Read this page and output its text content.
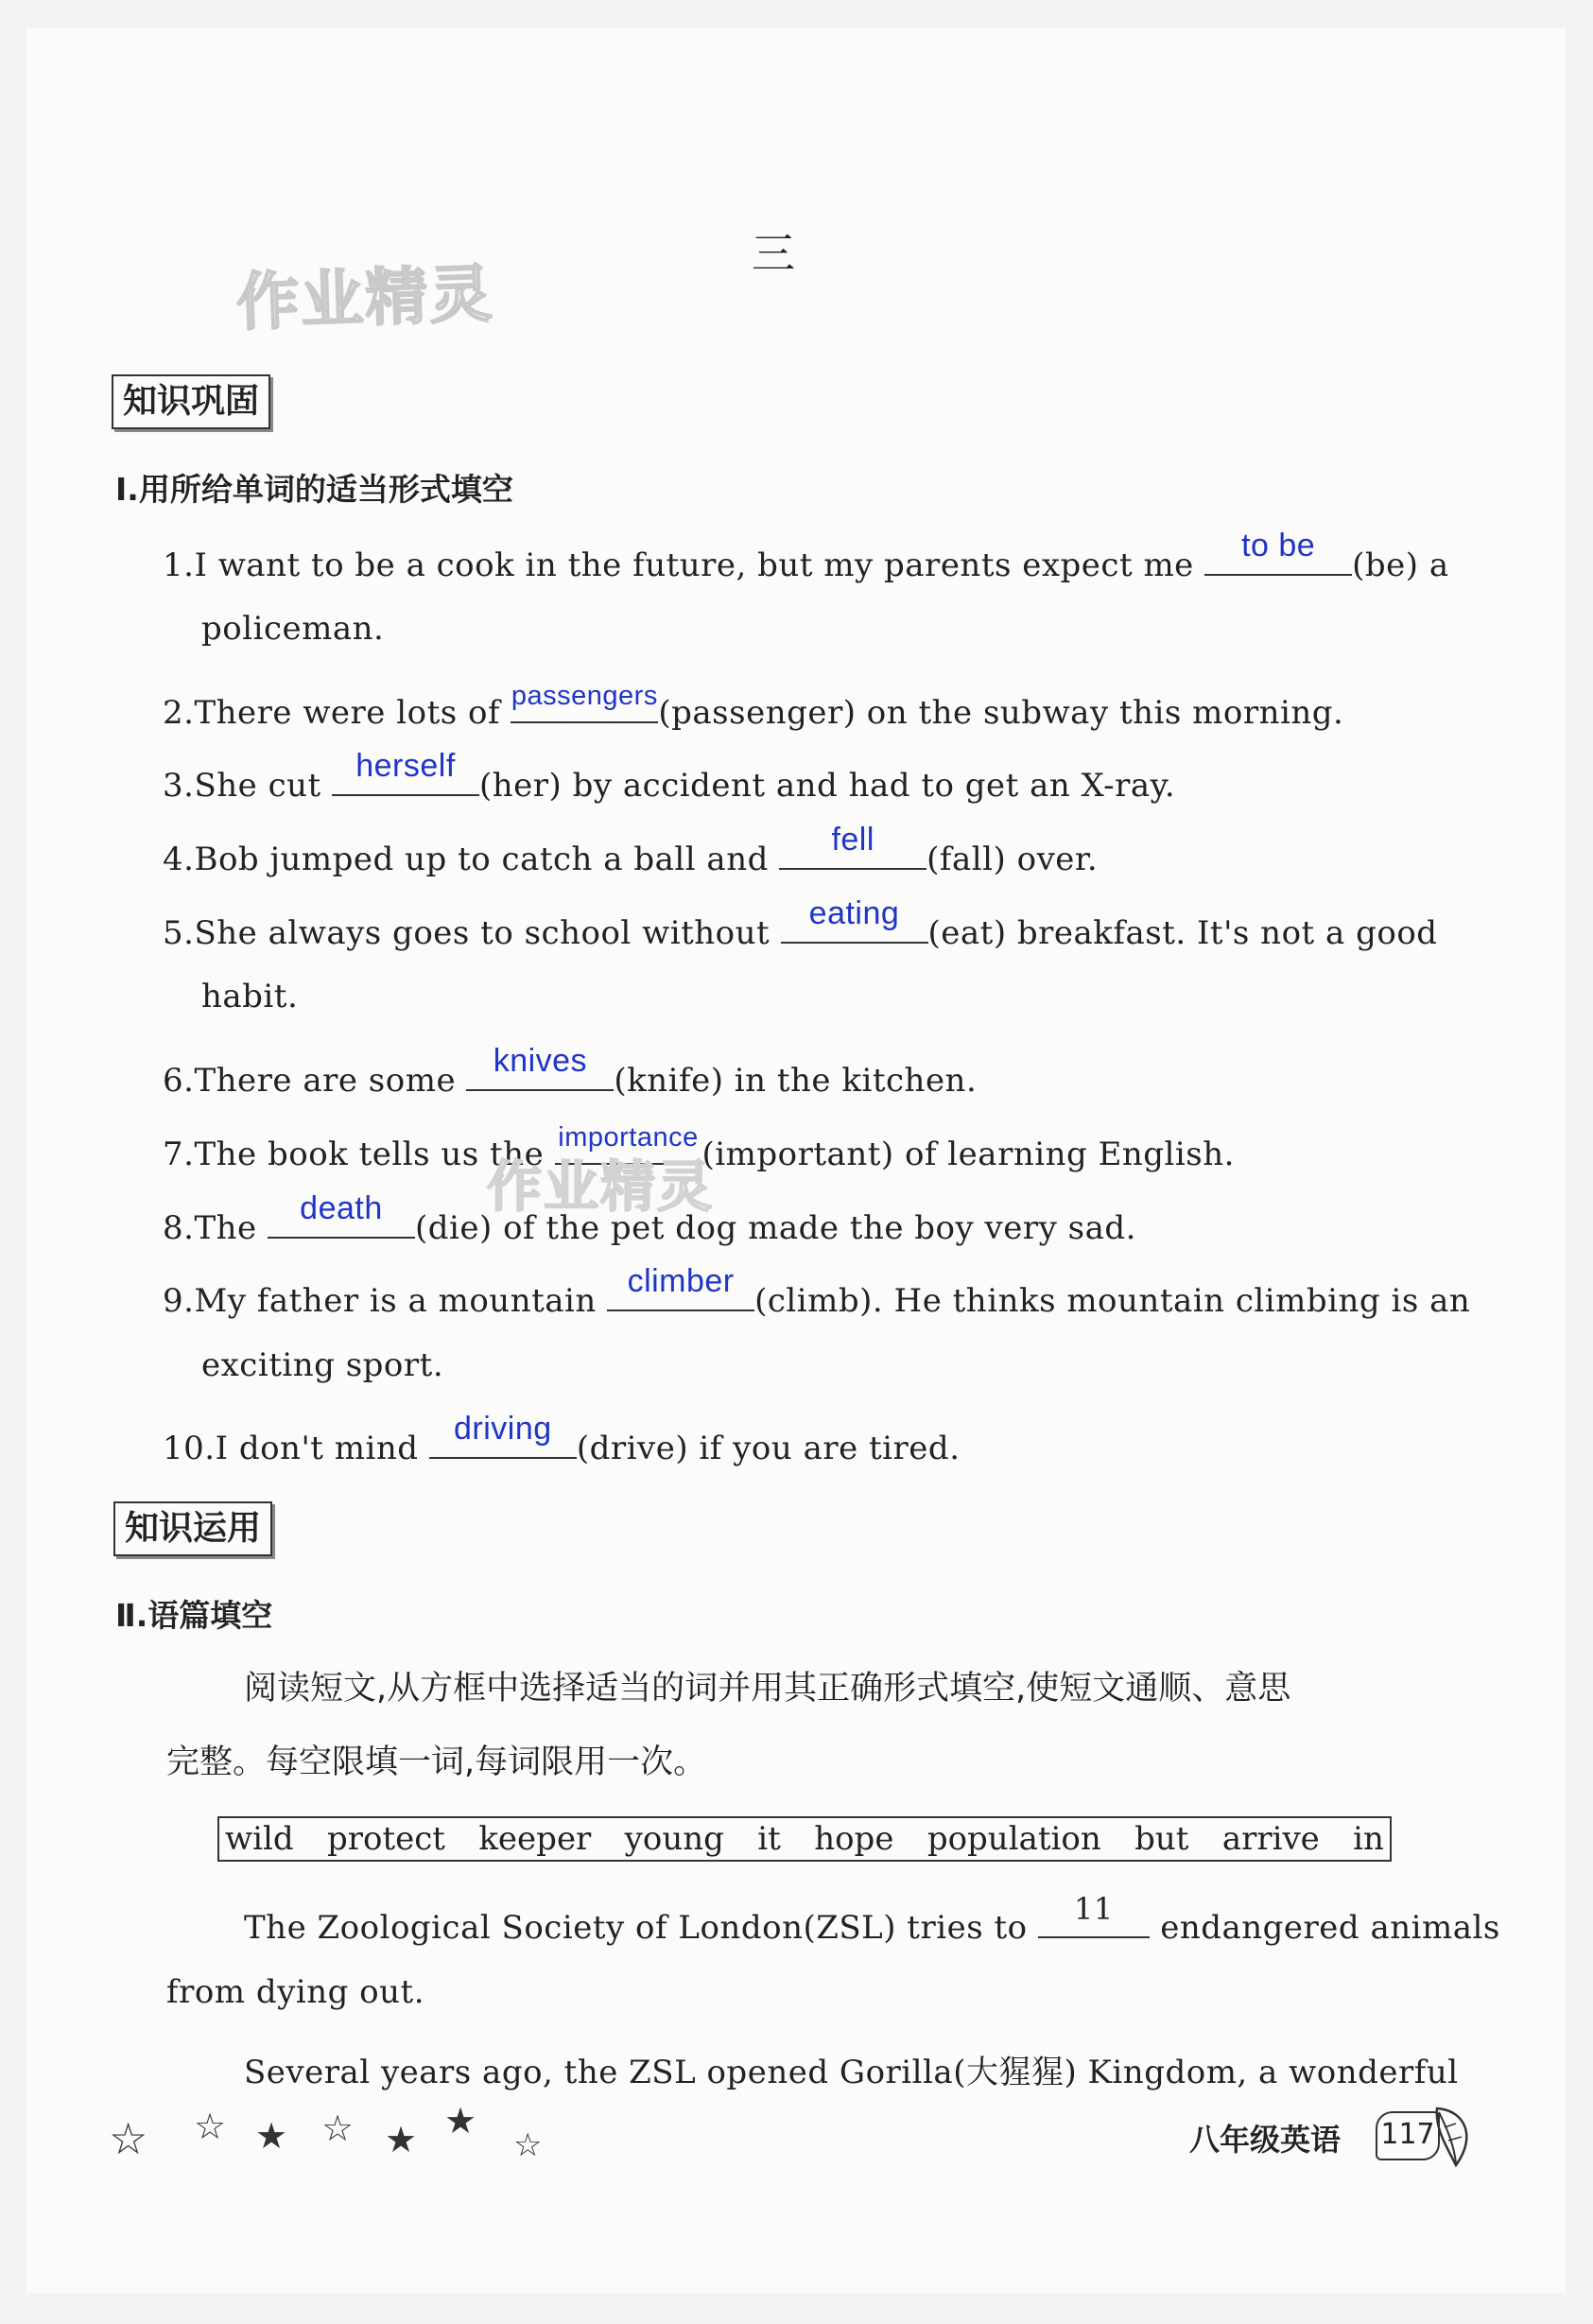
作业精灵
三
知识巩固
Ⅰ.用所给单词的适当形式填空
1.I want to be a cook in the future, but my parents expect me
to be
(be) a
policeman.
2.There were lots of passengers (passenger) on the subway this morning.
3.She cut
herself
(her) by accident and had to get an X-ray.
4.Bob jumped up to catch a ball and
fell
(fall) over.
5.She always goes to school without
eating
(eat) breakfast. It's not a good
habit.
6.There are some
knives
(knife) in the kitchen.
7.The book tells us the importance (important) of learning English.
作业精灵
8.The
death
(die) of the pet dog made the boy very sad.
9.My father is a mountain
climber
(climb). He thinks mountain climbing is an
exciting sport.
10.I don't mind
driving
(drive) if you are tired.
知识运用
Ⅱ.语篇填空
阅读短文,从方框中选择适当的词并用其正确形式填空,使短文通顺、意思
完整。每空限填一词,每词限用一次。
wild protect keeper young it hope population but arrive in
The Zoological Society of London(ZSL) tries to	11	endangered animals
from dying out.
Several years ago, the ZSL opened Gorilla(大猩猩) Kingdom, a wonderful
☆ ☆ ★ ☆ ★ ★
☆	八年级英语 117
